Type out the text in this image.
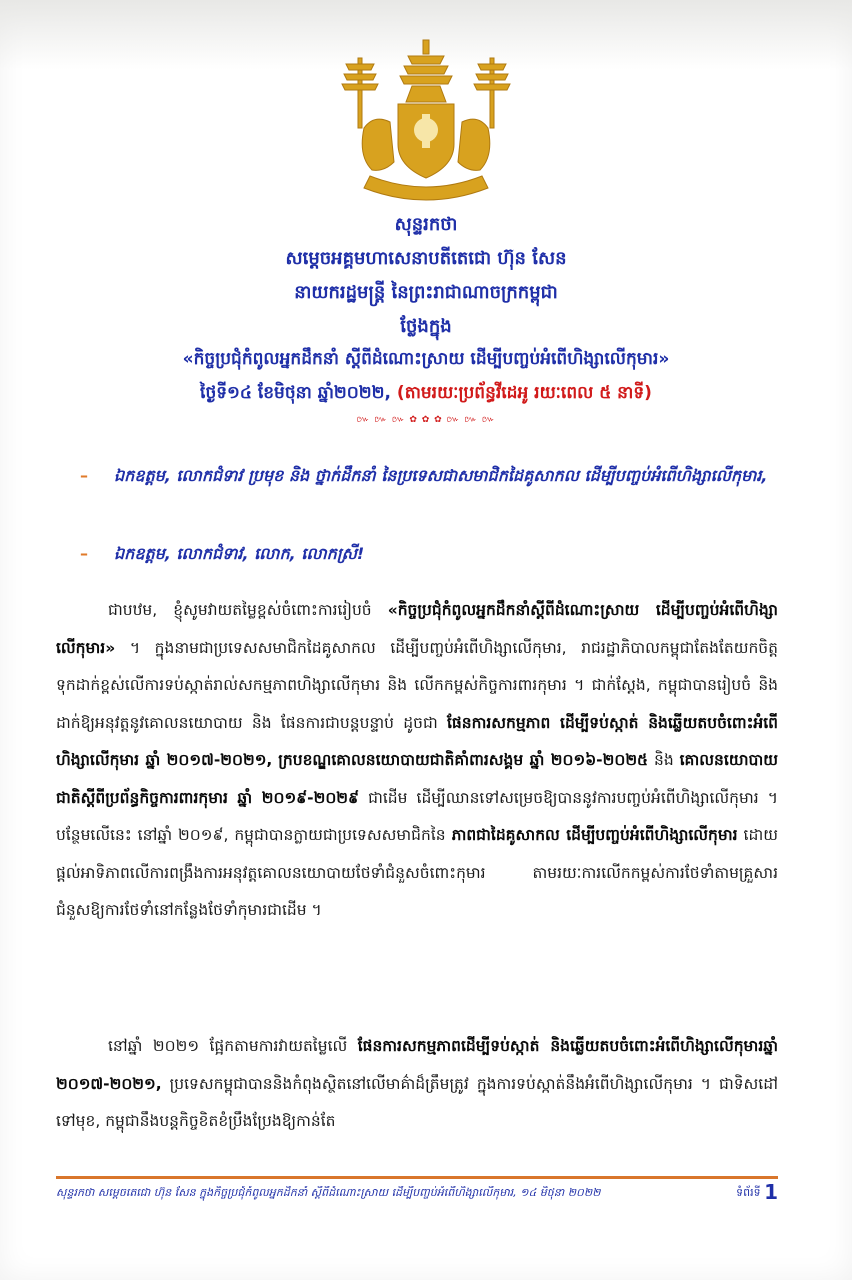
សុន្ទរកថា
សម្តេចអគ្គមហាសេនាបតីតេជោ ហ៊ុន សែន
នាយករដ្ឋមន្ត្រី នៃព្រះរាជាណាចក្រកម្ពុជា
ថ្លែងក្នុង
«កិច្ចប្រជុំកំពូលអ្នកដឹកនាំ ស្តីពីដំណោះស្រាយ ដើម្បីបញ្ចប់អំពើហិង្សាលើកុមារ»
ថ្ងៃទី១៤ ខែមិថុនា ឆ្នាំ២០២២, (តាមរយៈប្រព័ន្ធវីដេអូ រយៈពេល ៥ នាទី)
៚ ៚ ៚ ✿ ✿ ✿ ៚ ៚ ៚
–	ឯកឧត្តម, លោកជំទាវ ប្រមុខ និង ថ្នាក់ដឹកនាំ នៃប្រទេសជាសមាជិកដៃគូសាកល ដើម្បីបញ្ចប់អំពើហិង្សាលើកុមារ,
–	ឯកឧត្តម, លោកជំទាវ, លោក, លោកស្រី!
ជាបឋម, ខ្ញុំសូមវាយតម្លៃខ្ពស់ចំពោះការរៀបចំ «កិច្ចប្រជុំកំពូលអ្នកដឹកនាំស្តីពីដំណោះស្រាយ ដើម្បីបញ្ចប់អំពើហិង្សាលើកុមារ» ។ ក្នុងនាមជាប្រទេសសមាជិកដៃគូសាកល ដើម្បីបញ្ចប់អំពើហិង្សាលើកុមារ, រាជរដ្ឋាភិបាលកម្ពុជាតែងតែយកចិត្តទុកដាក់ខ្ពស់លើការទប់ស្កាត់រាល់សកម្មភាពហិង្សាលើកុមារ និង លើកកម្ពស់កិច្ចការពារកុមារ ។ ជាក់ស្តែង, កម្ពុជាបានរៀបចំ និង ដាក់ឱ្យអនុវត្តនូវគោលនយោបាយ និង ផែនការជាបន្តបន្ទាប់ ដូចជា ផែនការសកម្មភាព ដើម្បីទប់ស្កាត់ និងឆ្លើយតបចំពោះអំពើហិង្សាលើកុមារ ឆ្នាំ ២០១៧-២០២១, ក្របខណ្ឌគោលនយោបាយជាតិគាំពារសង្គម ឆ្នាំ ២០១៦-២០២៥ និង គោលនយោបាយជាតិស្តីពីប្រព័ន្ធកិច្ចការពារកុមារ ឆ្នាំ ២០១៩-២០២៩ ជាដើម ដើម្បីឈានទៅសម្រេចឱ្យបាននូវការបញ្ចប់អំពើហិង្សាលើកុមារ ។ បន្ថែមលើនេះ នៅឆ្នាំ ២០១៩, កម្ពុជាបានក្លាយជាប្រទេសសមាជិកនៃ ភាពជាដៃគូសាកល ដើម្បីបញ្ចប់អំពើហិង្សាលើកុមារ ដោយផ្តល់អាទិភាពលើការពង្រឹងការអនុវត្តគោលនយោបាយថែទាំជំនួសចំពោះកុមារ តាមរយៈការលើកកម្ពស់ការថែទាំតាមគ្រួសារ ជំនួសឱ្យការថែទាំនៅកន្លែងថែទាំកុមារជាដើម ។
នៅឆ្នាំ ២០២១ ផ្អែកតាមការវាយតម្លៃលើ ផែនការសកម្មភាពដើម្បីទប់ស្កាត់ និងឆ្លើយតបចំពោះអំពើហិង្សាលើកុមារឆ្នាំ ២០១៧-២០២១, ប្រទេសកម្ពុជាបាននិងកំពុងស្ថិតនៅលើមាគ៌ាដ៏ត្រឹមត្រូវ ក្នុងការទប់ស្កាត់នឹងអំពើហិង្សាលើកុមារ ។ ជាទិសដៅទៅមុខ, កម្ពុជានឹងបន្តកិច្ចខិតខំប្រឹងប្រែងឱ្យកាន់តែ
សុន្ទរកថា សម្តេចតេជោ ហ៊ុន សែន ក្នុងកិច្ចប្រជុំកំពូលអ្នកដឹកនាំ ស្តីពីដំណោះស្រាយ ដើម្បីបញ្ចប់អំពើហិង្សាលើកុមារ, ១៤ មិថុនា ២០២២	ទំព័រទី 1
